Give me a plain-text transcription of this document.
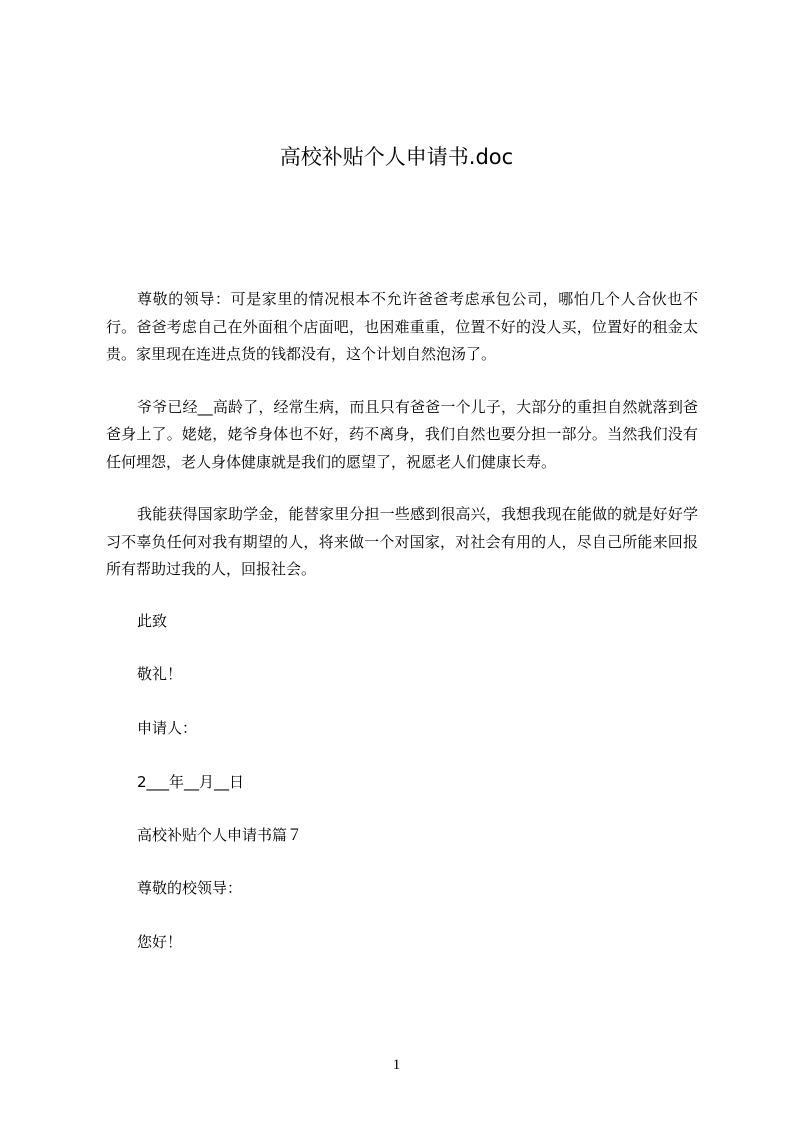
高校补贴个人申请书.doc

尊敬的领导：可是家里的情况根本不允许爸爸考虑承包公司，哪怕几个人合伙也不行。爸爸考虑自己在外面租个店面吧，也困难重重，位置不好的没人买，位置好的租金太贵。家里现在连进点货的钱都没有，这个计划自然泡汤了。

爷爷已经__高龄了，经常生病，而且只有爸爸一个儿子，大部分的重担自然就落到爸爸身上了。姥姥，姥爷身体也不好，药不离身，我们自然也要分担一部分。当然我们没有任何埋怨，老人身体健康就是我们的愿望了，祝愿老人们健康长寿。

我能获得国家助学金，能替家里分担一些感到很高兴，我想我现在能做的就是好好学习不辜负任何对我有期望的人，将来做一个对国家，对社会有用的人，尽自己所能来回报所有帮助过我的人，回报社会。

此致

敬礼！

申请人：

2___年__月__日

高校补贴个人申请书篇７

尊敬的校领导：

您好！

1
